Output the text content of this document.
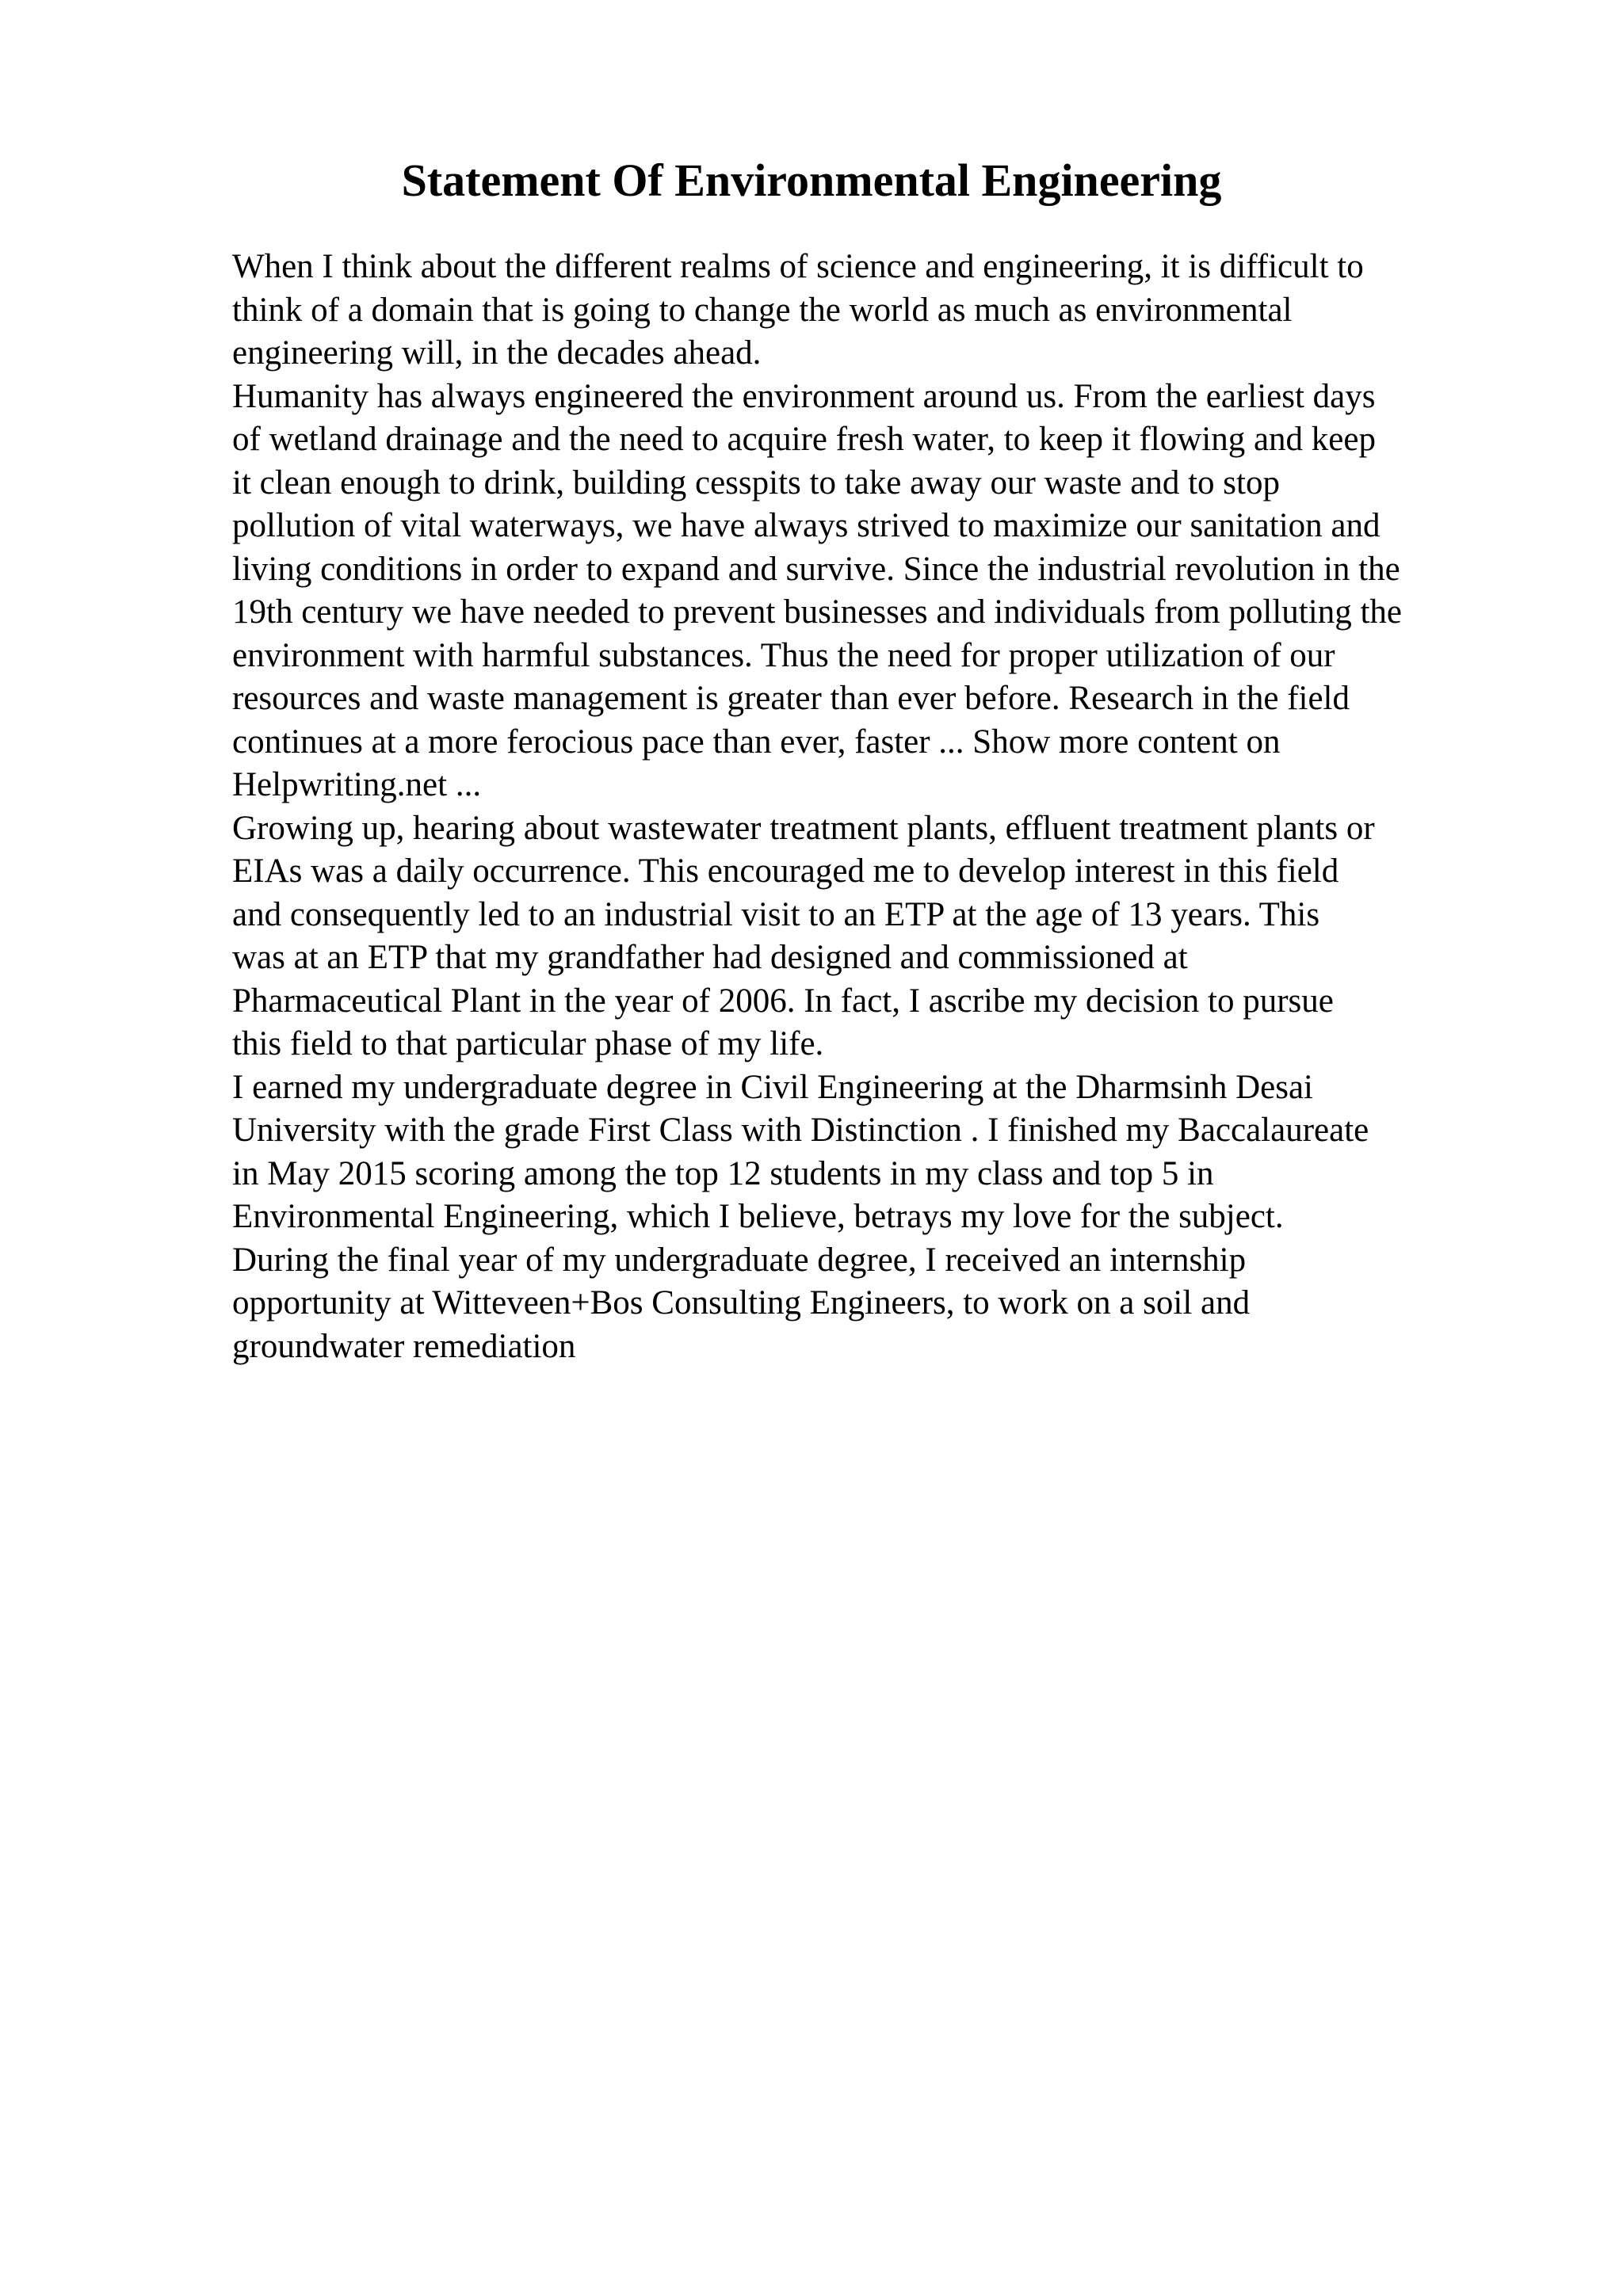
Statement Of Environmental Engineering
When I think about the different realms of science and engineering, it is difficult to
think of a domain that is going to change the world as much as environmental
engineering will, in the decades ahead.
Humanity has always engineered the environment around us. From the earliest days
of wetland drainage and the need to acquire fresh water, to keep it flowing and keep
it clean enough to drink, building cesspits to take away our waste and to stop
pollution of vital waterways, we have always strived to maximize our sanitation and
living conditions in order to expand and survive. Since the industrial revolution in the
19th century we have needed to prevent businesses and individuals from polluting the
environment with harmful substances. Thus the need for proper utilization of our
resources and waste management is greater than ever before. Research in the field
continues at a more ferocious pace than ever, faster ... Show more content on
Helpwriting.net ...
Growing up, hearing about wastewater treatment plants, effluent treatment plants or
EIAs was a daily occurrence. This encouraged me to develop interest in this field
and consequently led to an industrial visit to an ETP at the age of 13 years. This
was at an ETP that my grandfather had designed and commissioned at
Pharmaceutical Plant in the year of 2006. In fact, I ascribe my decision to pursue
this field to that particular phase of my life.
I earned my undergraduate degree in Civil Engineering at the Dharmsinh Desai
University with the grade First Class with Distinction . I finished my Baccalaureate
in May 2015 scoring among the top 12 students in my class and top 5 in
Environmental Engineering, which I believe, betrays my love for the subject.
During the final year of my undergraduate degree, I received an internship
opportunity at Witteveen+Bos Consulting Engineers, to work on a soil and
groundwater remediation
